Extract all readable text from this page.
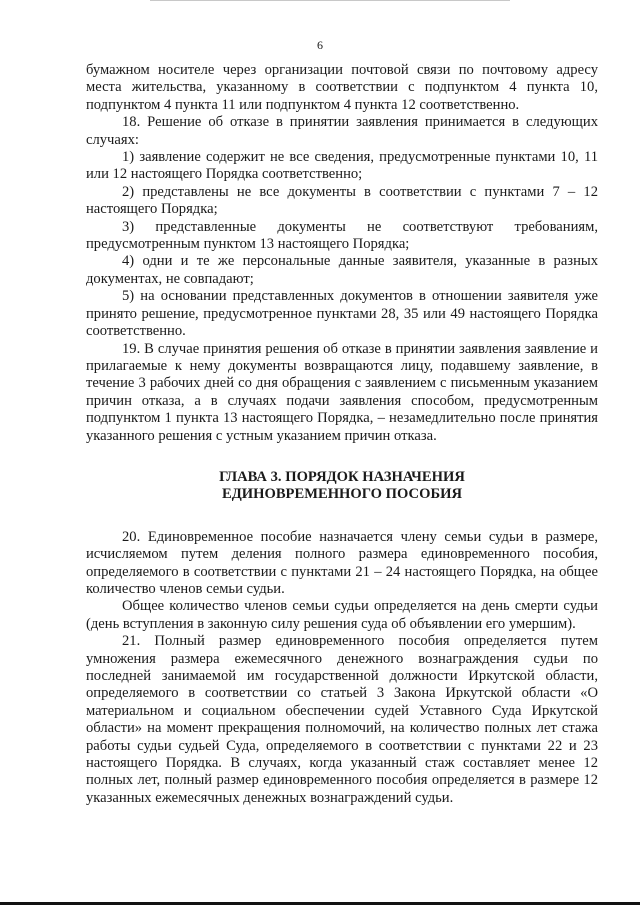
6

бумажном носителе через организации почтовой связи по почтовому адресу места жительства, указанному в соответствии с подпунктом 4 пункта 10, подпунктом 4 пункта 11 или подпунктом 4 пункта 12 соответственно.

18. Решение об отказе в принятии заявления принимается в следующих случаях:

1) заявление содержит не все сведения, предусмотренные пунктами 10, 11 или 12 настоящего Порядка соответственно;

2) представлены не все документы в соответствии с пунктами 7 – 12 настоящего Порядка;

3) представленные документы не соответствуют требованиям, предусмотренным пунктом 13 настоящего Порядка;

4) одни и те же персональные данные заявителя, указанные в разных документах, не совпадают;

5) на основании представленных документов в отношении заявителя уже принято решение, предусмотренное пунктами 28, 35 или 49 настоящего Порядка соответственно.

19. В случае принятия решения об отказе в принятии заявления заявление и прилагаемые к нему документы возвращаются лицу, подавшему заявление, в течение 3 рабочих дней со дня обращения с заявлением с письменным указанием причин отказа, а в случаях подачи заявления способом, предусмотренным подпунктом 1 пункта 13 настоящего Порядка, – незамедлительно после принятия указанного решения с устным указанием причин отказа.

ГЛАВА 3. ПОРЯДОК НАЗНАЧЕНИЯ
ЕДИНОВРЕМЕННОГО ПОСОБИЯ

20. Единовременное пособие назначается члену семьи судьи в размере, исчисляемом путем деления полного размера единовременного пособия, определяемого в соответствии с пунктами 21 – 24 настоящего Порядка, на общее количество членов семьи судьи.

Общее количество членов семьи судьи определяется на день смерти судьи (день вступления в законную силу решения суда об объявлении его умершим).

21. Полный размер единовременного пособия определяется путем умножения размера ежемесячного денежного вознаграждения судьи по последней занимаемой им государственной должности Иркутской области, определяемого в соответствии со статьей 3 Закона Иркутской области «О материальном и социальном обеспечении судей Уставного Суда Иркутской области» на момент прекращения полномочий, на количество полных лет стажа работы судьи судьей Суда, определяемого в соответствии с пунктами 22 и 23 настоящего Порядка. В случаях, когда указанный стаж составляет менее 12 полных лет, полный размер единовременного пособия определяется в размере 12 указанных ежемесячных денежных вознаграждений судьи.
